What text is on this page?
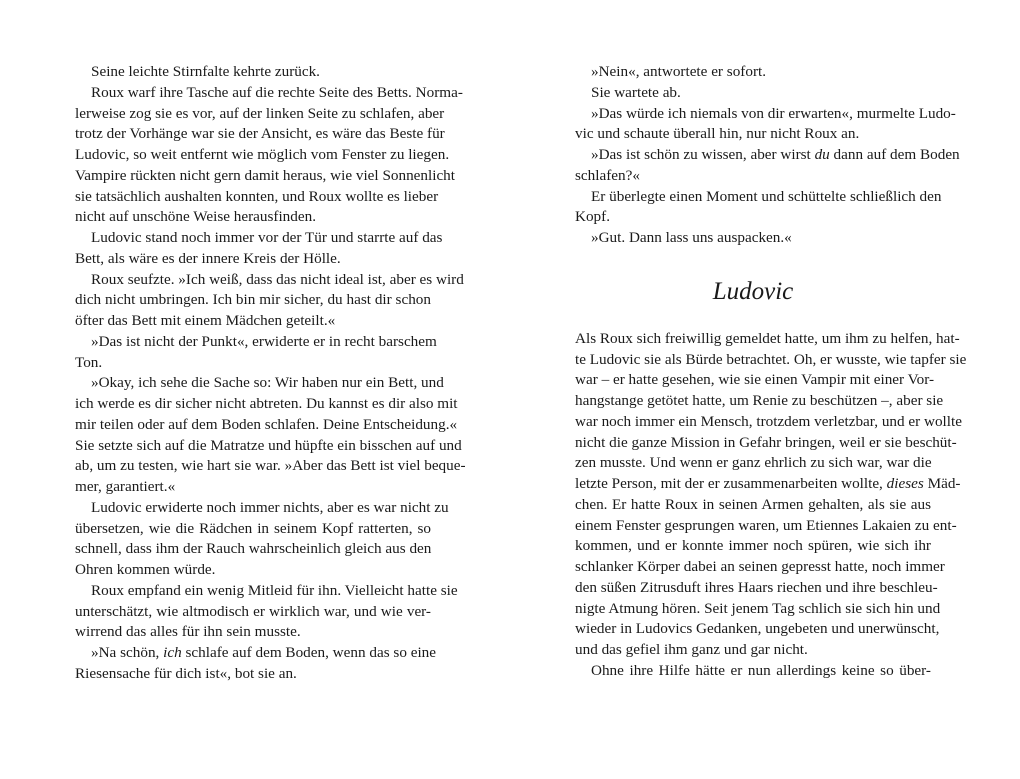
Seine leichte Stirnfalte kehrte zurück.

Roux warf ihre Tasche auf die rechte Seite des Betts. Norma-

lerweise zog sie es vor, auf der linken Seite zu schlafen, aber

trotz der Vorhänge war sie der Ansicht, es wäre das Beste für

Ludovic, so weit entfernt wie möglich vom Fenster zu liegen.

Vampire rückten nicht gern damit heraus, wie viel Sonnenlicht

sie tatsächlich aushalten konnten, und Roux wollte es lieber

nicht auf unschöne Weise herausfinden.

Ludovic stand noch immer vor der Tür und starrte auf das

Bett, als wäre es der innere Kreis der Hölle.

Roux seufzte. »Ich weiß, dass das nicht ideal ist, aber es wird

dich nicht umbringen. Ich bin mir sicher, du hast dir schon

öfter das Bett mit einem Mädchen geteilt.«

»Das ist nicht der Punkt«, erwiderte er in recht barschem

Ton.

»Okay, ich sehe die Sache so: Wir haben nur ein Bett, und

ich werde es dir sicher nicht abtreten. Du kannst es dir also mit

mir teilen oder auf dem Boden schlafen. Deine Entscheidung.«

Sie setzte sich auf die Matratze und hüpfte ein bisschen auf und

ab, um zu testen, wie hart sie war. »Aber das Bett ist viel beque-

mer, garantiert.«

Ludovic erwiderte noch immer nichts, aber es war nicht zu

übersetzen, wie die Rädchen in seinem Kopf ratterten, so

schnell, dass ihm der Rauch wahrscheinlich gleich aus den

Ohren kommen würde.

Roux empfand ein wenig Mitleid für ihn. Vielleicht hatte sie

unterschätzt, wie altmodisch er wirklich war, und wie ver-

wirrend das alles für ihn sein musste.

»Na schön, ich schlafe auf dem Boden, wenn das so eine

Riesensache für dich ist«, bot sie an.

»Nein«, antwortete er sofort.

Sie wartete ab.

»Das würde ich niemals von dir erwarten«, murmelte Ludo-

vic und schaute überall hin, nur nicht Roux an.

»Das ist schön zu wissen, aber wirst du dann auf dem Boden

schlafen?«

Er überlegte einen Moment und schüttelte schließlich den

Kopf.

»Gut. Dann lass uns auspacken.«

Ludovic

Als Roux sich freiwillig gemeldet hatte, um ihm zu helfen, hat-

te Ludovic sie als Bürde betrachtet. Oh, er wusste, wie tapfer sie

war – er hatte gesehen, wie sie einen Vampir mit einer Vor-

hangstange getötet hatte, um Renie zu beschützen –, aber sie

war noch immer ein Mensch, trotzdem verletzbar, und er wollte

nicht die ganze Mission in Gefahr bringen, weil er sie beschüt-

zen musste. Und wenn er ganz ehrlich zu sich war, war die

letzte Person, mit der er zusammenarbeiten wollte, dieses Mäd-

chen. Er hatte Roux in seinen Armen gehalten, als sie aus

einem Fenster gesprungen waren, um Etiennes Lakaien zu ent-

kommen, und er konnte immer noch spüren, wie sich ihr

schlanker Körper dabei an seinen gepresst hatte, noch immer

den süßen Zitrusduft ihres Haars riechen und ihre beschleu-

nigte Atmung hören. Seit jenem Tag schlich sie sich hin und

wieder in Ludovics Gedanken, ungebeten und unerwünscht,

und das gefiel ihm ganz und gar nicht.

Ohne ihre Hilfe hätte er nun allerdings keine so über-
